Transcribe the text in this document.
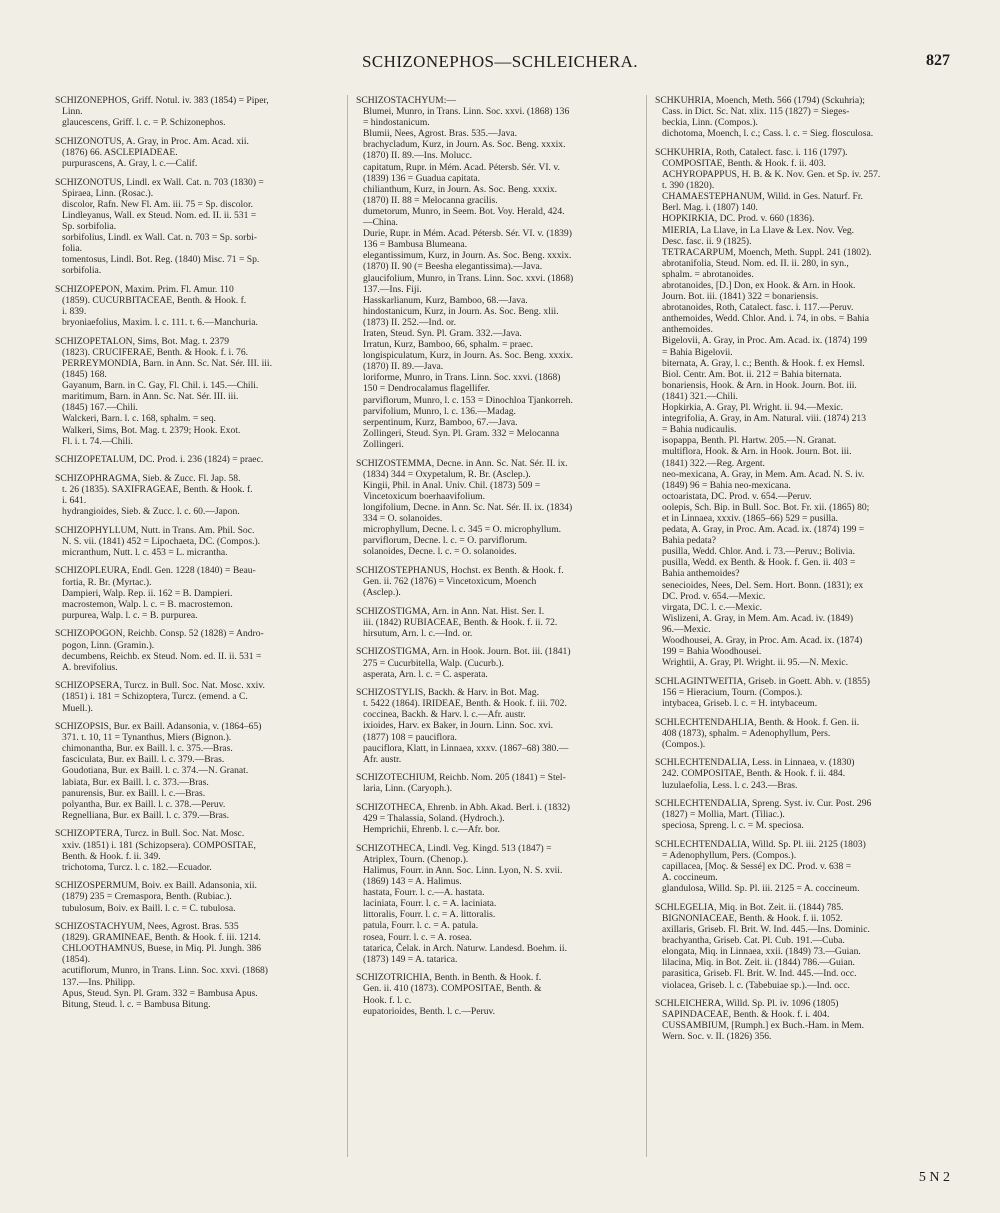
SCHIZONEPHOS—SCHLEICHERA.	827
SCHIZONEPHOS, Griff. Notul. iv. 383 (1854) = Piper,
Linn.
glaucescens, Griff. l. c. = P. Schizonephos.
SCHIZONOTUS, A. Gray, in Proc. Am. Acad. xii.
(1876) 66. ASCLEPIADEAE.
purpurascens, A. Gray, l. c.—Calif.
SCHIZONOTUS, Lindl. ex Wall. Cat. n. 703 (1830) =
Spiraea, Linn. (Rosac.).
discolor, Rafn. New Fl. Am. iii. 75 = Sp. discolor.
Lindleyanus, Wall. ex Steud. Nom. ed. II. ii. 531 =
Sp. sorbifolia.
sorbifolius, Lindl. ex Wall. Cat. n. 703 = Sp. sorbi-
folia.
tomentosus, Lindl. Bot. Reg. (1840) Misc. 71 = Sp.
sorbifolia.
SCHIZOPEPON, Maxim. Prim. Fl. Amur. 110
(1859). CUCURBITACEAE, Benth. & Hook. f.
i. 839.
bryoniaefolius, Maxim. l. c. 111. t. 6.—Manchuria.
SCHIZOPETALON, Sims, Bot. Mag. t. 2379
(1823). CRUCIFERAE, Benth. & Hook. f. i. 76.
PERREYMONDIA, Barn. in Ann. Sc. Nat. Sér. III. iii.
(1845) 168.
Gayanum, Barn. in C. Gay, Fl. Chil. i. 145.—Chili.
maritimum, Barn. in Ann. Sc. Nat. Sér. III. iii.
(1845) 167.—Chili.
Walckeri, Barn. l. c. 168, sphalm. = seq.
Walkeri, Sims, Bot. Mag. t. 2379; Hook. Exot.
Fl. i. t. 74.—Chili.
SCHIZOPETALUM, DC. Prod. i. 236 (1824) = praec.
SCHIZOPHRAGMA, Sieb. & Zucc. Fl. Jap. 58.
t. 26 (1835). SAXIFRAGEAE, Benth. & Hook. f.
i. 641.
hydrangioides, Sieb. & Zucc. l. c. 60.—Japon.
SCHIZOPHYLLUM, Nutt. in Trans. Am. Phil. Soc.
N. S. vii. (1841) 452 = Lipochaeta, DC. (Compos.).
micranthum, Nutt. l. c. 453 = L. micrantha.
SCHIZOPLEURA, Endl. Gen. 1228 (1840) = Beau-
fortia, R. Br. (Myrtac.).
Dampieri, Walp. Rep. ii. 162 = B. Dampieri.
macrostemon, Walp. l. c. = B. macrostemon.
purpurea, Walp. l. c. = B. purpurea.
SCHIZOPOGON, Reichb. Consp. 52 (1828) = Andro-
pogon, Linn. (Gramin.).
decumbens, Reichb. ex Steud. Nom. ed. II. ii. 531 =
A. brevifolius.
SCHIZOPSERA, Turcz. in Bull. Soc. Nat. Mosc. xxiv.
(1851) i. 181 = Schizoptera, Turcz. (emend. a C.
Muell.).
SCHIZOPSIS, Bur. ex Baill. Adansonia, v. (1864–65)
371. t. 10, 11 = Tynanthus, Miers (Bignon.).
chimonantha, Bur. ex Baill. l. c. 375.—Bras.
fasciculata, Bur. ex Baill. l. c. 379.—Bras.
Goudotiana, Bur. ex Baill. l. c. 374.—N. Granat.
labiata, Bur. ex Baill. l. c. 373.—Bras.
panurensis, Bur. ex Baill. l. c.—Bras.
polyantha, Bur. ex Baill. l. c. 378.—Peruv.
Regnelliana, Bur. ex Baill. l. c. 379.—Bras.
SCHIZOPTERA, Turcz. in Bull. Soc. Nat. Mosc.
xxiv. (1851) i. 181 (Schizopsera). COMPOSITAE,
Benth. & Hook. f. ii. 349.
trichotoma, Turcz. l. c. 182.—Ecuador.
SCHIZOSPERMUM, Boiv. ex Baill. Adansonia, xii.
(1879) 235 = Cremaspora, Benth. (Rubiac.).
tubulosum, Boiv. ex Baill. l. c. = C. tubulosa.
SCHIZOSTACHYUM, Nees, Agrost. Bras. 535
(1829). GRAMINEAE, Benth. & Hook. f. iii. 1214.
CHLOOTHAMNUS, Buese, in Miq. Pl. Jungh. 386
(1854).
acutiflorum, Munro, in Trans. Linn. Soc. xxvi. (1868)
137.—Ins. Philipp.
Apus, Steud. Syn. Pl. Gram. 332 = Bambusa Apus.
Bitung, Steud. l. c. = Bambusa Bitung.
SCHIZOSTACHYUM:—
Blumei, Munro, in Trans. Linn. Soc. xxvi. (1868) 136
= hindostanicum.
Blumii, Nees, Agrost. Bras. 535.—Java.
brachycladum, Kurz, in Journ. As. Soc. Beng. xxxix.
(1870) II. 89.—Ins. Molucc.
capitatum, Rupr. in Mém. Acad. Pétersb. Sér. VI. v.
(1839) 136 = Guadua capitata.
chilianthum, Kurz, in Journ. As. Soc. Beng. xxxix.
(1870) II. 88 = Melocanna gracilis.
dumetorum, Munro, in Seem. Bot. Voy. Herald, 424.
—China.
Durie, Rupr. in Mém. Acad. Pétersb. Sér. VI. v. (1839)
136 = Bambusa Blumeana.
elegantissimum, Kurz, in Journ. As. Soc. Beng. xxxix.
(1870) II. 90 (= Beesha elegantissima).—Java.
glaucifolium, Munro, in Trans. Linn. Soc. xxvi. (1868)
137.—Ins. Fiji.
Hasskarlianum, Kurz, Bamboo, 68.—Java.
hindostanicum, Kurz, in Journ. As. Soc. Beng. xlii.
(1873) II. 252.—Ind. or.
Iraten, Steud. Syn. Pl. Gram. 332.—Java.
Irratun, Kurz, Bamboo, 66, sphalm. = praec.
longispiculatum, Kurz, in Journ. As. Soc. Beng. xxxix.
(1870) II. 89.—Java.
loriforme, Munro, in Trans. Linn. Soc. xxvi. (1868)
150 = Dendrocalamus flagellifer.
parviflorum, Munro, l. c. 153 = Dinochloa Tjankorreh.
parvifolium, Munro, l. c. 136.—Madag.
serpentinum, Kurz, Bamboo, 67.—Java.
Zollingeri, Steud. Syn. Pl. Gram. 332 = Melocanna
Zollingeri.
SCHIZOSTEMMA, Decne. in Ann. Sc. Nat. Sér. II. ix.
(1834) 344 = Oxypetalum, R. Br. (Asclep.).
Kingii, Phil. in Anal. Univ. Chil. (1873) 509 =
Vincetoxicum boerhaavifolium.
longifolium, Decne. in Ann. Sc. Nat. Sér. II. ix. (1834)
334 = O. solanoides.
microphyllum, Decne. l. c. 345 = O. microphyllum.
parviflorum, Decne. l. c. = O. parviflorum.
solanoides, Decne. l. c. = O. solanoides.
SCHIZOSTEPHANUS, Hochst. ex Benth. & Hook. f.
Gen. ii. 762 (1876) = Vincetoxicum, Moench
(Asclep.).
SCHIZOSTIGMA, Arn. in Ann. Nat. Hist. Ser. I.
iii. (1842) RUBIACEAE, Benth. & Hook. f. ii. 72.
hirsutum, Arn. l. c.—Ind. or.
SCHIZOSTIGMA, Arn. in Hook. Journ. Bot. iii. (1841)
275 = Cucurbitella, Walp. (Cucurb.).
asperata, Arn. l. c. = C. asperata.
SCHIZOSTYLIS, Backh. & Harv. in Bot. Mag.
t. 5422 (1864). IRIDEAE, Benth. & Hook. f. iii. 702.
coccinea, Backh. & Harv. l. c.—Afr. austr.
ixioides, Harv. ex Baker, in Journ. Linn. Soc. xvi.
(1877) 108 = pauciflora.
pauciflora, Klatt, in Linnaea, xxxv. (1867–68) 380.—
Afr. austr.
SCHIZOTECHIUM, Reichb. Nom. 205 (1841) = Stel-
laria, Linn. (Caryoph.).
SCHIZOTHECA, Ehrenb. in Abh. Akad. Berl. i. (1832)
429 = Thalassia, Soland. (Hydroch.).
Hemprichii, Ehrenb. l. c.—Afr. bor.
SCHIZOTHECA, Lindl. Veg. Kingd. 513 (1847) =
Atriplex, Tourn. (Chenop.).
Halimus, Fourr. in Ann. Soc. Linn. Lyon, N. S. xvii.
(1869) 143 = A. Halimus.
hastata, Fourr. l. c.—A. hastata.
laciniata, Fourr. l. c. = A. laciniata.
littoralis, Fourr. l. c. = A. littoralis.
patula, Fourr. l. c. = A. patula.
rosea, Fourr. l. c. = A. rosea.
tatarica, Čelak. in Arch. Naturw. Landesd. Boehm. ii.
(1873) 149 = A. tatarica.
SCHIZOTRICHIA, Benth. in Benth. & Hook. f.
Gen. ii. 410 (1873). COMPOSITAE, Benth. &
Hook. f. l. c.
eupatorioides, Benth. l. c.—Peruv.
SCHKUHRIA, Moench, Meth. 566 (1794) (Sckuhria);
Cass. in Dict. Sc. Nat. xlix. 115 (1827) = Sieges-
beckia, Linn. (Compos.).
dichotoma, Moench, l. c.; Cass. l. c. = Sieg. flosculosa.
SCHKUHRIA, Roth, Catalect. fasc. i. 116 (1797).
COMPOSITAE, Benth. & Hook. f. ii. 403.
ACHYROPAPPUS, H. B. & K. Nov. Gen. et Sp. iv. 257.
t. 390 (1820).
CHAMAESTEPHANUM, Willd. in Ges. Naturf. Fr.
Berl. Mag. i. (1807) 140.
HOPKIRKIA, DC. Prod. v. 660 (1836).
MIERIA, La Llave, in La Llave & Lex. Nov. Veg.
Desc. fasc. ii. 9 (1825).
TETRACARPUM, Moench, Meth. Suppl. 241 (1802).
abrotanifolia, Steud. Nom. ed. II. ii. 280, in syn.,
sphalm. = abrotanoides.
abrotanoides, [D.] Don, ex Hook. & Arn. in Hook.
Journ. Bot. iii. (1841) 322 = bonariensis.
abrotanoides, Roth, Catalect. fasc. i. 117.—Peruv.
anthemoides, Wedd. Chlor. And. i. 74, in obs. = Bahia
anthemoides.
Bigelovii, A. Gray, in Proc. Am. Acad. ix. (1874) 199
= Bahia Bigelovii.
biternata, A. Gray, l. c.; Benth. & Hook. f. ex Hemsl.
Biol. Centr. Am. Bot. ii. 212 = Bahia biternata.
bonariensis, Hook. & Arn. in Hook. Journ. Bot. iii.
(1841) 321.—Chili.
Hopkirkia, A. Gray, Pl. Wright. ii. 94.—Mexic.
integrifolia, A. Gray, in Am. Natural. viii. (1874) 213
= Bahia nudicaulis.
isopappa, Benth. Pl. Hartw. 205.—N. Granat.
multiflora, Hook. & Arn. in Hook. Journ. Bot. iii.
(1841) 322.—Reg. Argent.
neo-mexicana, A. Gray, in Mem. Am. Acad. N. S. iv.
(1849) 96 = Bahia neo-mexicana.
octoaristata, DC. Prod. v. 654.—Peruv.
oolepis, Sch. Bip. in Bull. Soc. Bot. Fr. xii. (1865) 80;
et in Linnaea, xxxiv. (1865–66) 529 = pusilla.
pedata, A. Gray, in Proc. Am. Acad. ix. (1874) 199 =
Bahia pedata?
pusilla, Wedd. Chlor. And. i. 73.—Peruv.; Bolivia.
pusilla, Wedd. ex Benth. & Hook. f. Gen. ii. 403 =
Bahia anthemoides?
senecioides, Nees, Del. Sem. Hort. Bonn. (1831); ex
DC. Prod. v. 654.—Mexic.
virgata, DC. l. c.—Mexic.
Wislizeni, A. Gray, in Mem. Am. Acad. iv. (1849)
96.—Mexic.
Woodhousei, A. Gray, in Proc. Am. Acad. ix. (1874)
199 = Bahia Woodhousei.
Wrightii, A. Gray, Pl. Wright. ii. 95.—N. Mexic.
SCHLAGINTWEITIA, Griseb. in Goett. Abh. v. (1855)
156 = Hieracium, Tourn. (Compos.).
intybacea, Griseb. l. c. = H. intybaceum.
SCHLECHTENDAHLIA, Benth. & Hook. f. Gen. ii.
408 (1873), sphalm. = Adenophyllum, Pers.
(Compos.).
SCHLECHTENDALIA, Less. in Linnaea, v. (1830)
242. COMPOSITAE, Benth. & Hook. f. ii. 484.
luzulaefolia, Less. l. c. 243.—Bras.
SCHLECHTENDALIA, Spreng. Syst. iv. Cur. Post. 296
(1827) = Mollia, Mart. (Tiliac.).
speciosa, Spreng. l. c. = M. speciosa.
SCHLECHTENDALIA, Willd. Sp. Pl. iii. 2125 (1803)
= Adenophyllum, Pers. (Compos.).
capillacea, [Moç. & Sessé] ex DC. Prod. v. 638 =
A. coccineum.
glandulosa, Willd. Sp. Pl. iii. 2125 = A. coccineum.
SCHLEGELIA, Miq. in Bot. Zeit. ii. (1844) 785.
BIGNONIACEAE, Benth. & Hook. f. ii. 1052.
axillaris, Griseb. Fl. Brit. W. Ind. 445.—Ins. Dominic.
brachyantha, Griseb. Cat. Pl. Cub. 191.—Cuba.
elongata, Miq. in Linnaea, xxii. (1849) 73.—Guian.
lilacina, Miq. in Bot. Zeit. ii. (1844) 786.—Guian.
parasitica, Griseb. Fl. Brit. W. Ind. 445.—Ind. occ.
violacea, Griseb. l. c. (Tabebuiae sp.).—Ind. occ.
SCHLEICHERA, Willd. Sp. Pl. iv. 1096 (1805)
SAPINDACEAE, Benth. & Hook. f. i. 404.
CUSSAMBIUM, [Rumph.] ex Buch.-Ham. in Mem.
Wern. Soc. v. II. (1826) 356.
5 N 2
